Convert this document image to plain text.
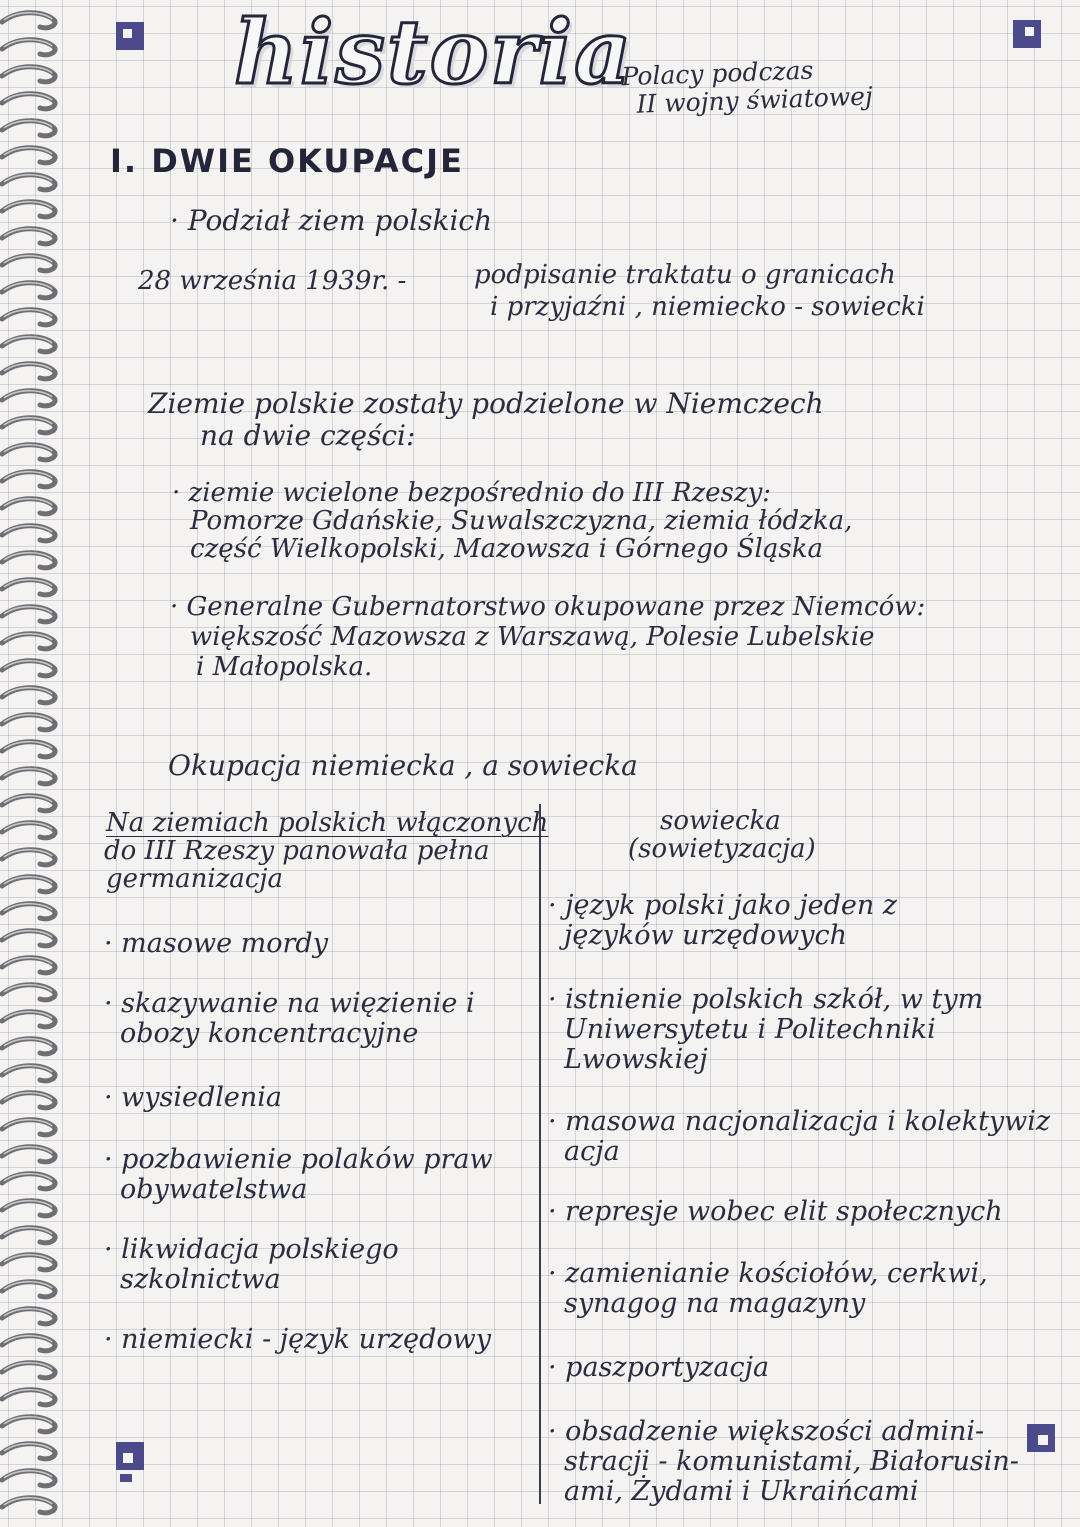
historia
Polacy podczas
II wojny światowej
I. DWIE OKUPACJE

· Podział ziem polskich

28 września 1939r. -	podpisanie traktatu o granicach

i przyjaźni , niemiecko - sowiecki

Ziemie polskie zostały podzielone w Niemczech

na dwie części:

· ziemie wcielone bezpośrednio do III Rzeszy:

Pomorze Gdańskie, Suwalszczyzna, ziemia łódzka,

część Wielkopolski, Mazowsza i Górnego Śląska

· Generalne Gubernatorstwo okupowane przez Niemców:

większość Mazowsza z Warszawą, Polesie Lubelskie

i Małopolska.

Okupacja niemiecka , a sowiecka

Na ziemiach polskich włączonych

do III Rzeszy panowała pełna

germanizacja

· masowe mordy

· skazywanie na więzienie i

obozy koncentracyjne

· wysiedlenia

· pozbawienie polaków praw

obywatelstwa

· likwidacja polskiego

szkolnictwa

· niemiecki - język urzędowy

sowiecka

(sowietyzacja)

· język polski jako jeden z

języków urzędowych

· istnienie polskich szkół, w tym

Uniwersytetu i Politechniki

Lwowskiej

· masowa nacjonalizacja i kolektywiz

acja

· represje wobec elit społecznych

· zamienianie kościołów, cerkwi,

synagog na magazyny

· paszportyzacja

· obsadzenie większości admini-

stracji - komunistami, Białorusin-

ami, Żydami i Ukraińcami
